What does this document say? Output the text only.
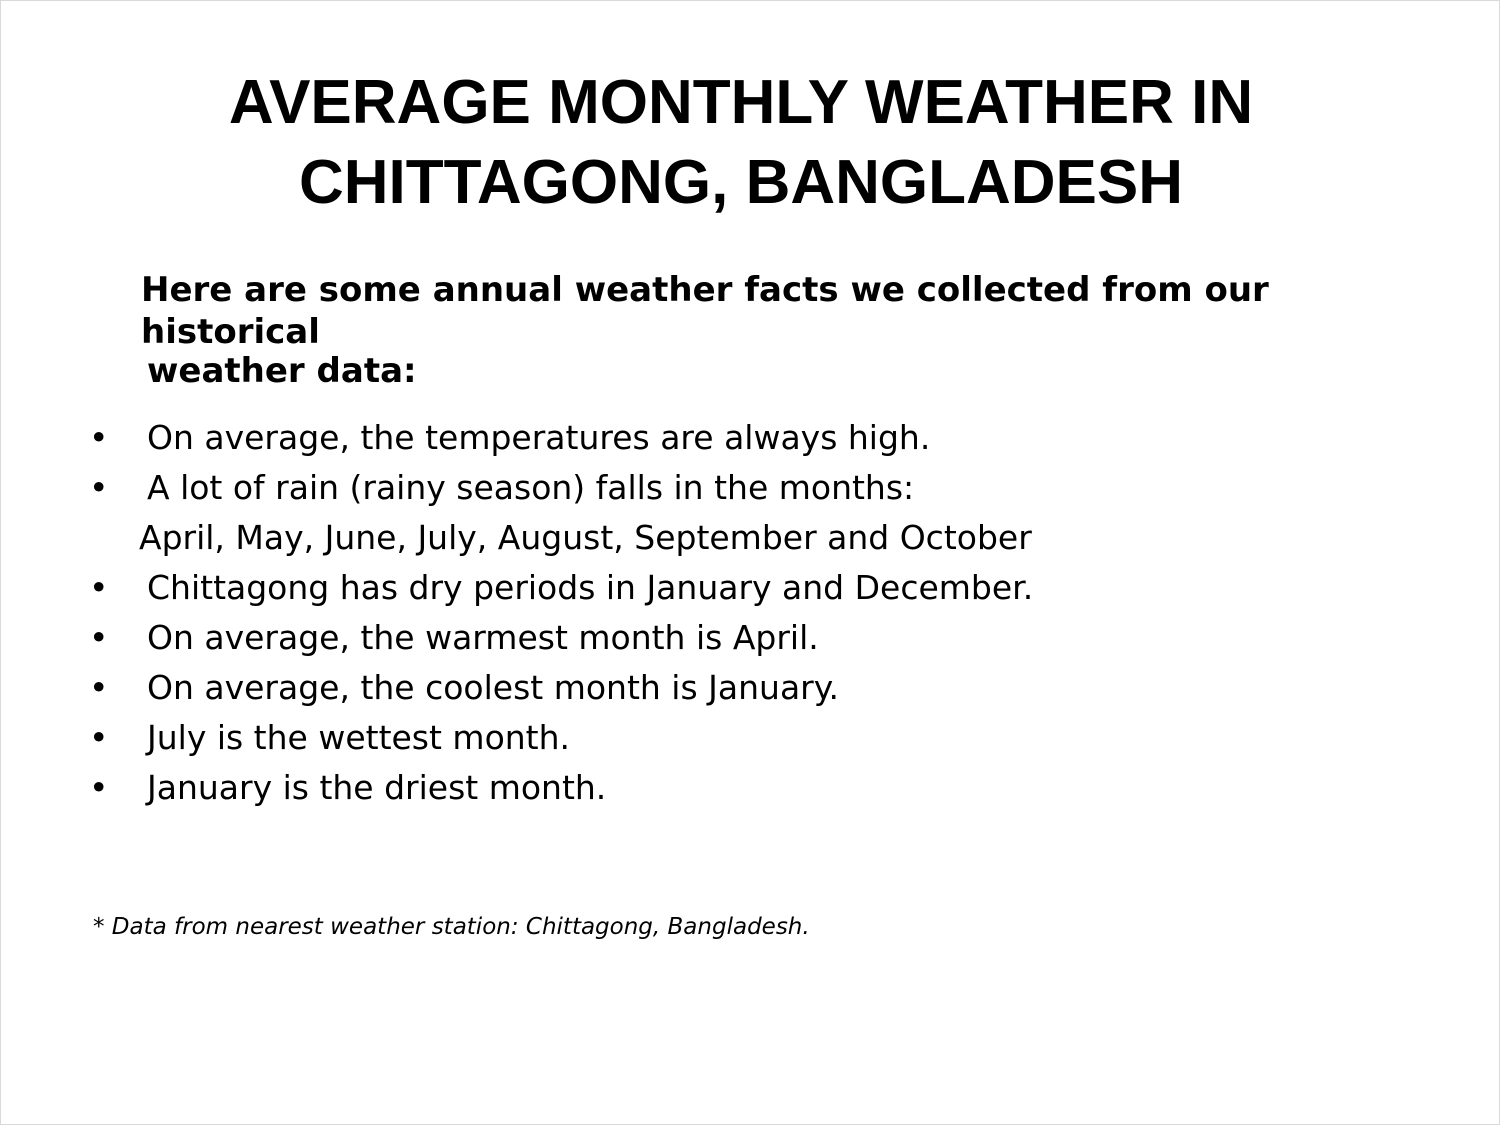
AVERAGE MONTHLY WEATHER IN
CHITTAGONG, BANGLADESH

Here are some annual weather facts we collected from our historical
weather data:

• On average, the temperatures are always high.
• A lot of rain (rainy season) falls in the months:
April, May, June, July, August, September and October
• Chittagong has dry periods in January and December.
• On average, the warmest month is April.
• On average, the coolest month is January.
• July is the wettest month.
• January is the driest month.

* Data from nearest weather station: Chittagong, Bangladesh.
